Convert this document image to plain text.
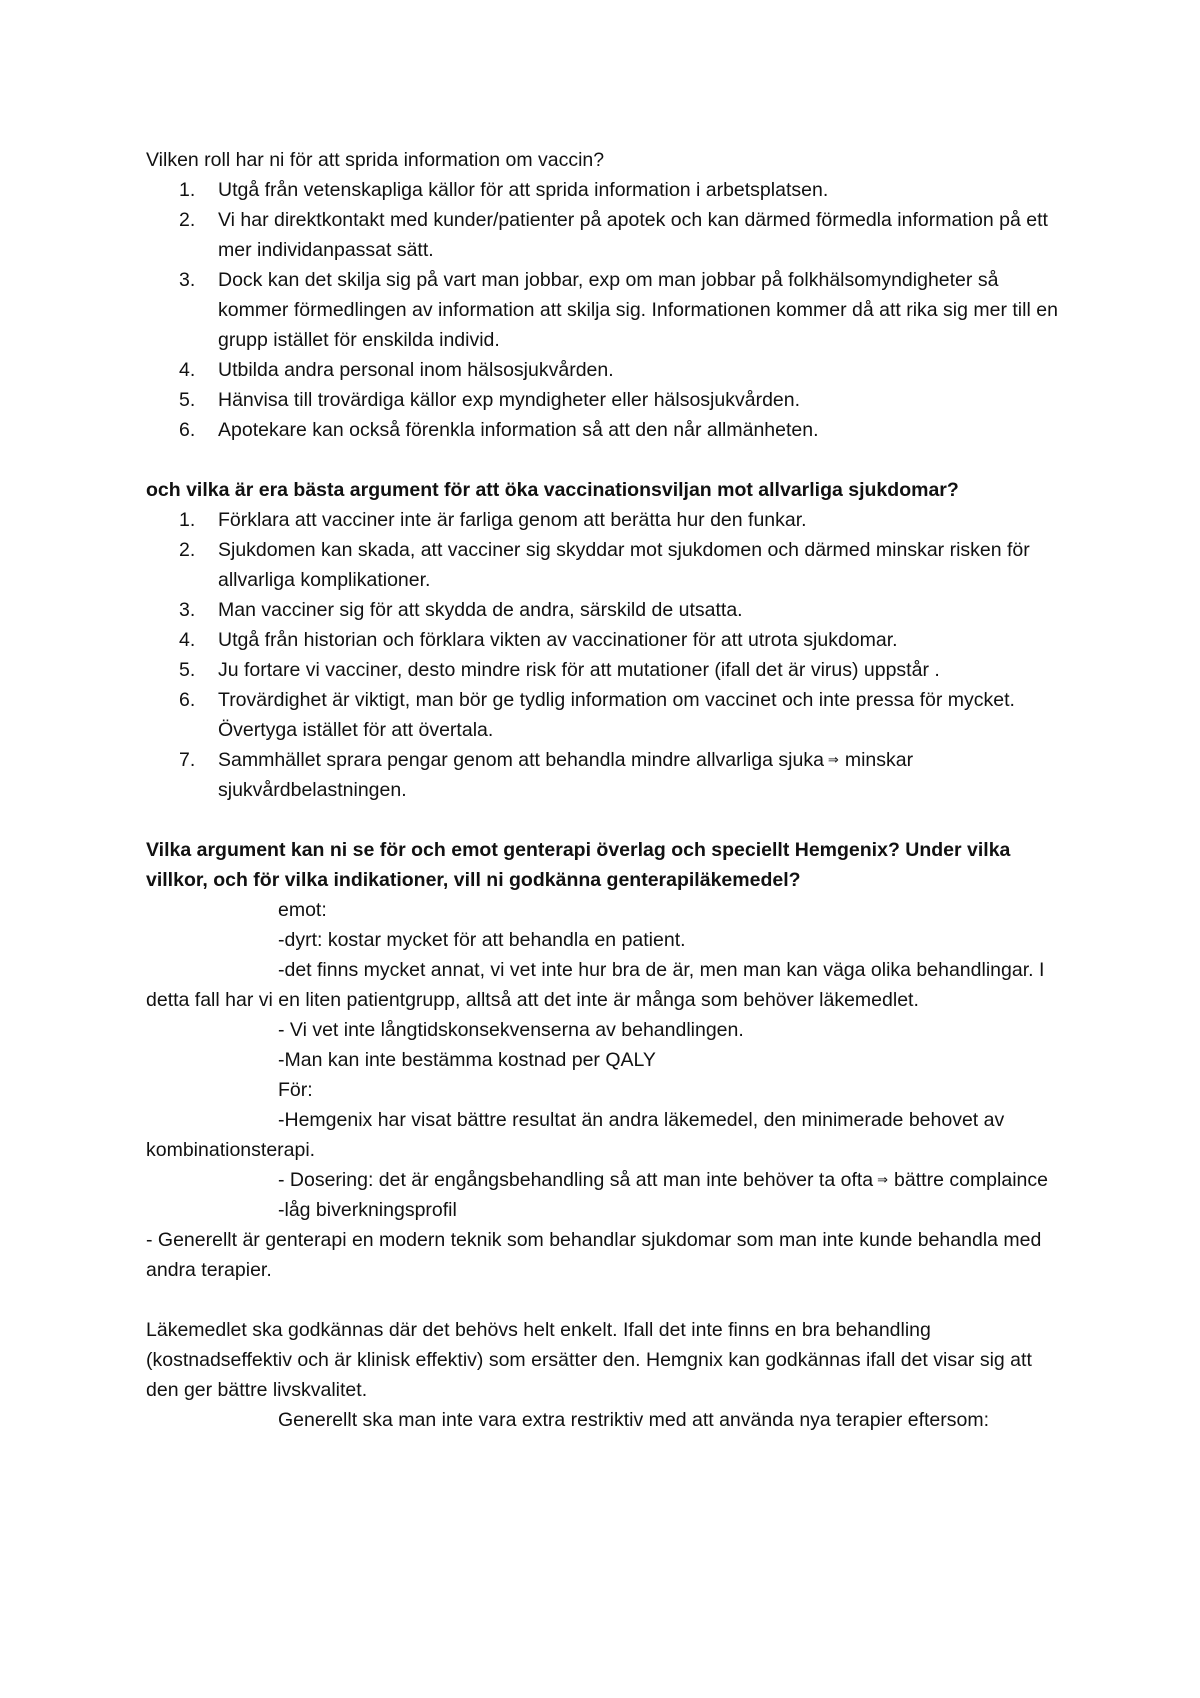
Vilken roll har ni för att sprida information om vaccin?

1.	Utgå från vetenskapliga källor för att sprida information i arbetsplatsen.
2.	Vi har direktkontakt med kunder/patienter på apotek och kan därmed förmedla information på ett mer individanpassat sätt.
3.	Dock kan det skilja sig på vart man jobbar, exp om man jobbar på folkhälsomyndigheter så kommer förmedlingen av information att skilja sig. Informationen kommer då att rika sig mer till en grupp istället för enskilda individ.
4.	Utbilda andra personal inom hälsosjukvården.
5.	Hänvisa till trovärdiga källor exp myndigheter eller hälsosjukvården.
6.	Apotekare kan också förenkla information så att den når allmänheten.

och vilka är era bästa argument för att öka vaccinationsviljan mot allvarliga sjukdomar?

1.	Förklara att vacciner inte är farliga genom att berätta hur den funkar.
2.	Sjukdomen kan skada, att vacciner sig skyddar mot sjukdomen och därmed minskar risken för allvarliga komplikationer.
3.	Man vacciner sig för att skydda de andra, särskild de utsatta.
4.	Utgå från historian och förklara vikten av vaccinationer för att utrota sjukdomar.
5.	Ju fortare vi vacciner, desto mindre risk för att mutationer (ifall det är virus) uppstår .
6.	Trovärdighet är viktigt, man bör ge tydlig information om vaccinet och inte pressa för mycket. Övertyga istället för att övertala.
7.	Sammhället sprara pengar genom att behandla mindre allvarliga sjuka ⇒ minskar sjukvårdbelastningen.

Vilka argument kan ni se för och emot genterapi överlag och speciellt Hemgenix? Under vilka villkor, och för vilka indikationer, vill ni godkänna genterapiläkemedel?

emot:

-dyrt: kostar mycket för att behandla en patient.

-det finns mycket annat, vi vet inte hur bra de är, men man kan väga olika behandlingar. I detta fall har vi en liten patientgrupp, alltså att det inte är många som behöver läkemedlet.

- Vi vet inte långtidskonsekvenserna av behandlingen.

-Man kan inte bestämma kostnad per QALY

För:

-Hemgenix har visat bättre resultat än andra läkemedel, den minimerade behovet av kombinationsterapi.

- Dosering: det är engångsbehandling så att man inte behöver ta ofta ⇒ bättre complaince

-låg biverkningsprofil

- Generellt är genterapi en modern teknik som behandlar sjukdomar som man inte kunde behandla med andra terapier.

Läkemedlet ska godkännas där det behövs helt enkelt. Ifall det inte finns en bra behandling (kostnadseffektiv och är klinisk effektiv) som ersätter den. Hemgnix kan godkännas ifall det visar sig att den ger bättre livskvalitet.

Generellt ska man inte vara extra restriktiv med att använda nya terapier eftersom:
